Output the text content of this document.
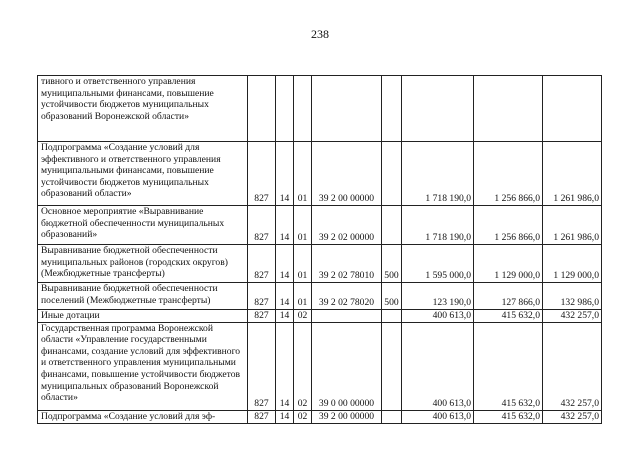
238
тивного и ответственного управления муниципальными финансами, повышение устойчивости бюджетов муниципальных образований Воронежской области»								
Подпрограмма «Создание условий для эффективного и ответственного управления муниципальными финансами, повышение устойчивости бюджетов муниципальных образований области»	827	14	01	39 2 00 00000		1 718 190,0	1 256 866,0	1 261 986,0
Основное мероприятие «Выравнивание бюджетной обеспеченности муниципальных образований»	827	14	01	39 2 02 00000		1 718 190,0	1 256 866,0	1 261 986,0
Выравнивание бюджетной обеспеченности муниципальных районов (городских округов) (Межбюджетные трансферты)	827	14	01	39 2 02 78010	500	1 595 000,0	1 129 000,0	1 129 000,0
Выравнивание бюджетной обеспеченности поселений (Межбюджетные трансферты)	827	14	01	39 2 02 78020	500	123 190,0	127 866,0	132 986,0
Иные дотации	827	14	02			400 613,0	415 632,0	432 257,0
Государственная программа Воронежской области «Управление государственными финансами, создание условий для эффективного и ответственного управления муниципальными финансами, повышение устойчивости бюджетов муниципальных образований Воронежской области»	827	14	02	39 0 00 00000		400 613,0	415 632,0	432 257,0
Подпрограмма «Создание условий для эф-	827	14	02	39 2 00 00000		400 613,0	415 632,0	432 257,0
